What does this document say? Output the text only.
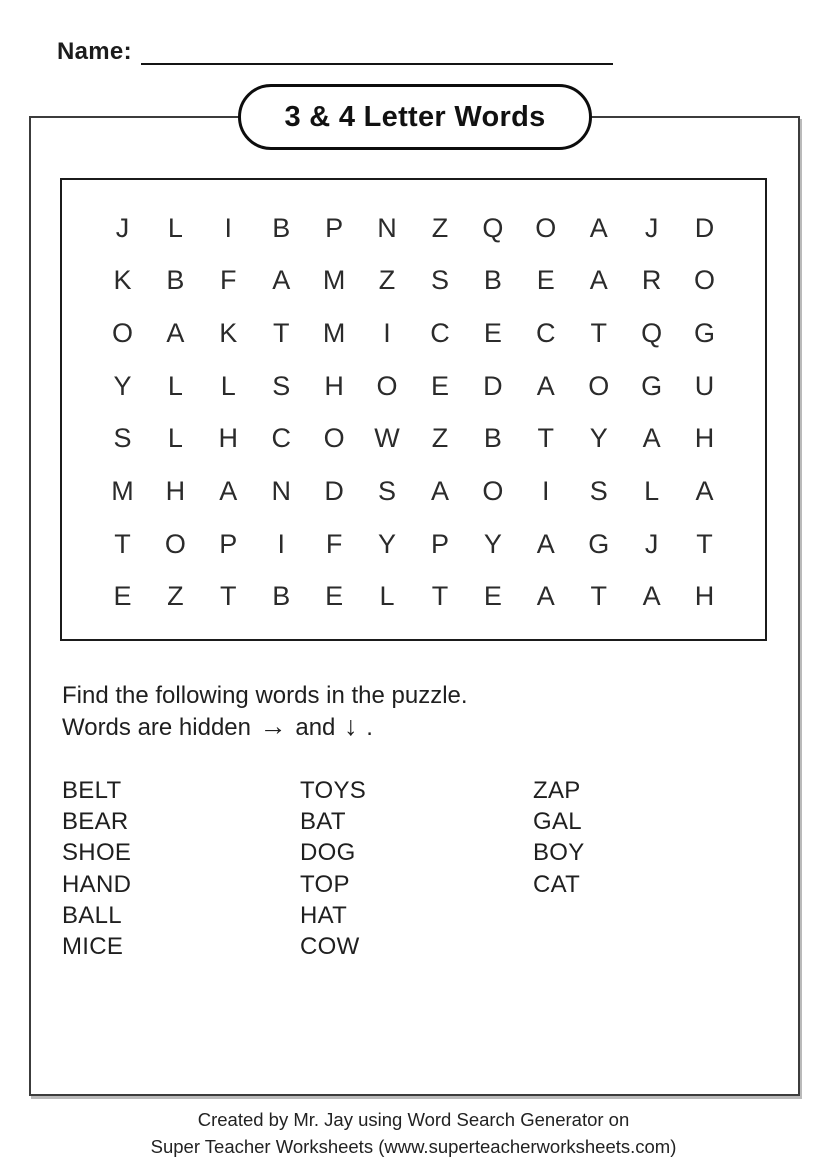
Name:
3 & 4 Letter Words
J L I B P N Z Q O A J D
K B F A M Z S B E A R O
O A K T M I C E C T Q G
Y L L S H O E D A O G U
S L H C O W Z B T Y A H
M H A N D S A O I S L A
T O P I F Y P Y A G J T
E Z T B E L T E A T A H
Find the following words in the puzzle.
Words are hidden → and ↓ .
BELT
BEAR
SHOE
HAND
BALL
MICE
TOYS
BAT
DOG
TOP
HAT
COW
ZAP
GAL
BOY
CAT
Created by Mr. Jay using Word Search Generator on
Super Teacher Worksheets (www.superteacherworksheets.com)
